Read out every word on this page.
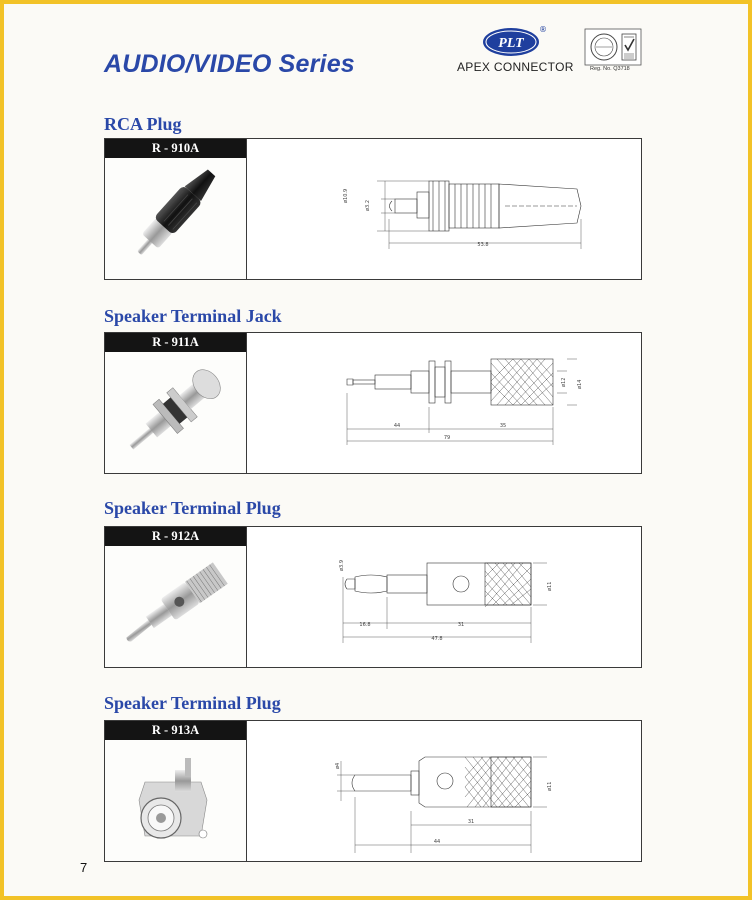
AUDIO/VIDEO Series
PLT
®
APEX CONNECTOR	Reg. No. Q3718
RCA Plug
R - 910A
ø10.9
ø3.2
53.8
Speaker Terminal Jack
R - 911A
ø12 ø14
44	35
79
Speaker Terminal Plug
R - 912A
ø3.9
ø11
16.8	31
47.8
Speaker Terminal Plug
R - 913A
ø4
ø11
31
44
7
